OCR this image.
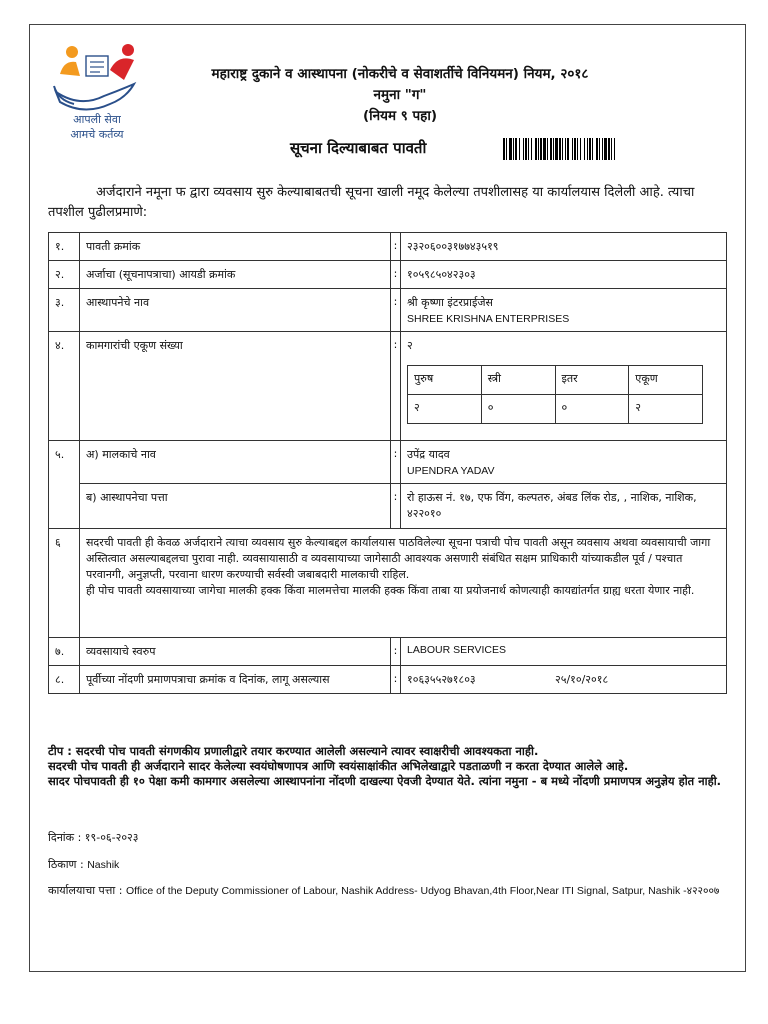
आपली सेवा
आमचे कर्तव्य
महाराष्ट्र दुकाने व आस्थापना (नोकरीचे व सेवाशर्तीचे विनियमन) नियम, २०१८
नमुना "ग"
(नियम ९ पहा)
सूचना दिल्याबाबत पावती
अर्जदाराने नमूना फ द्वारा व्यवसाय सुरु केल्याबाबतची सूचना खाली नमूद केलेल्या तपशीलासह या कार्यालयास दिलेली आहे. त्याचा तपशील पुढीलप्रमाणे:
१.	पावती क्रमांक	:	२३२०६००३१७७४३५१९
२.	अर्जाचा (सूचनापत्राचा) आयडी क्रमांक	:	१०५९८५०४२३०३
३.	आस्थापनेचे नाव	:	श्री कृष्णा इंटरप्राईजेस
SHREE KRISHNA ENTERPRISES

४.	कामगारांची एकूण संख्या	:	२
पुरुष	स्त्री	इतर	एकूण
२	०	०	२

५.	अ) मालकाचे नाव	:	उपेंद्र यादव
UPENDRA YADAV

ब) आस्थापनेचा पत्ता	:	रो हाऊस नं. १७, एफ विंग, कल्पतरु, अंबड लिंक रोड, , नाशिक, नाशिक, ४२२०१०
६	सदरची पावती ही केवळ अर्जदाराने त्याचा व्यवसाय सुरु केल्याबद्दल कार्यालयास पाठविलेल्या सूचना पत्राची पोच पावती असून व्यवसाय अथवा व्यवसायाची जागा अस्तित्वात असल्याबद्दलचा पुरावा नाही. व्यवसायासाठी व व्यवसायाच्या जागेसाठी आवश्यक असणारी संबंधित सक्षम प्राधिकारी यांच्याकडील पूर्व / पश्चात परवानगी, अनुज्ञप्ती, परवाना धारण करण्याची सर्वस्वी जबाबदारी मालकाची राहिल.
ही पोच पावती व्यवसायाच्या जागेचा मालकी हक्क किंवा मालमत्तेचा मालकी हक्क किंवा ताबा या प्रयोजनार्थ कोणत्याही कायद्यांतर्गत ग्राह्य धरता येणार नाही.

७.	व्यवसायाचे स्वरुप	:	LABOUR SERVICES
८.	पूर्वीच्या नोंदणी प्रमाणपत्राचा क्रमांक व दिनांक, लागू असल्यास	:	१०६३५५२७१८०३	२५/१०/२०१८
टीप : सदरची पोच पावती संगणकीय प्रणालीद्वारे तयार करण्यात आलेली असल्याने त्यावर स्वाक्षरीची आवश्यकता नाही.
सदरची पोच पावती ही अर्जदाराने सादर केलेल्या स्वयंघोषणापत्र आणि स्वयंसाक्षांकीत अभिलेखाद्वारे पडताळणी न करता देण्यात आलेले आहे.
सादर पोचपावती ही १० पेक्षा कमी कामगार असलेल्या आस्थापनांना नोंदणी दाखल्या ऐवजी देण्यात येते. त्यांना नमुना - ब मध्ये नोंदणी प्रमाणपत्र अनुज्ञेय होत नाही.
दिनांक : १९-०६-२०२३
ठिकाण : Nashik
कार्यालयाचा पत्ता : Office of the Deputy Commissioner of Labour, Nashik Address- Udyog Bhavan,4th Floor,Near ITI Signal, Satpur, Nashik -४२२००७
